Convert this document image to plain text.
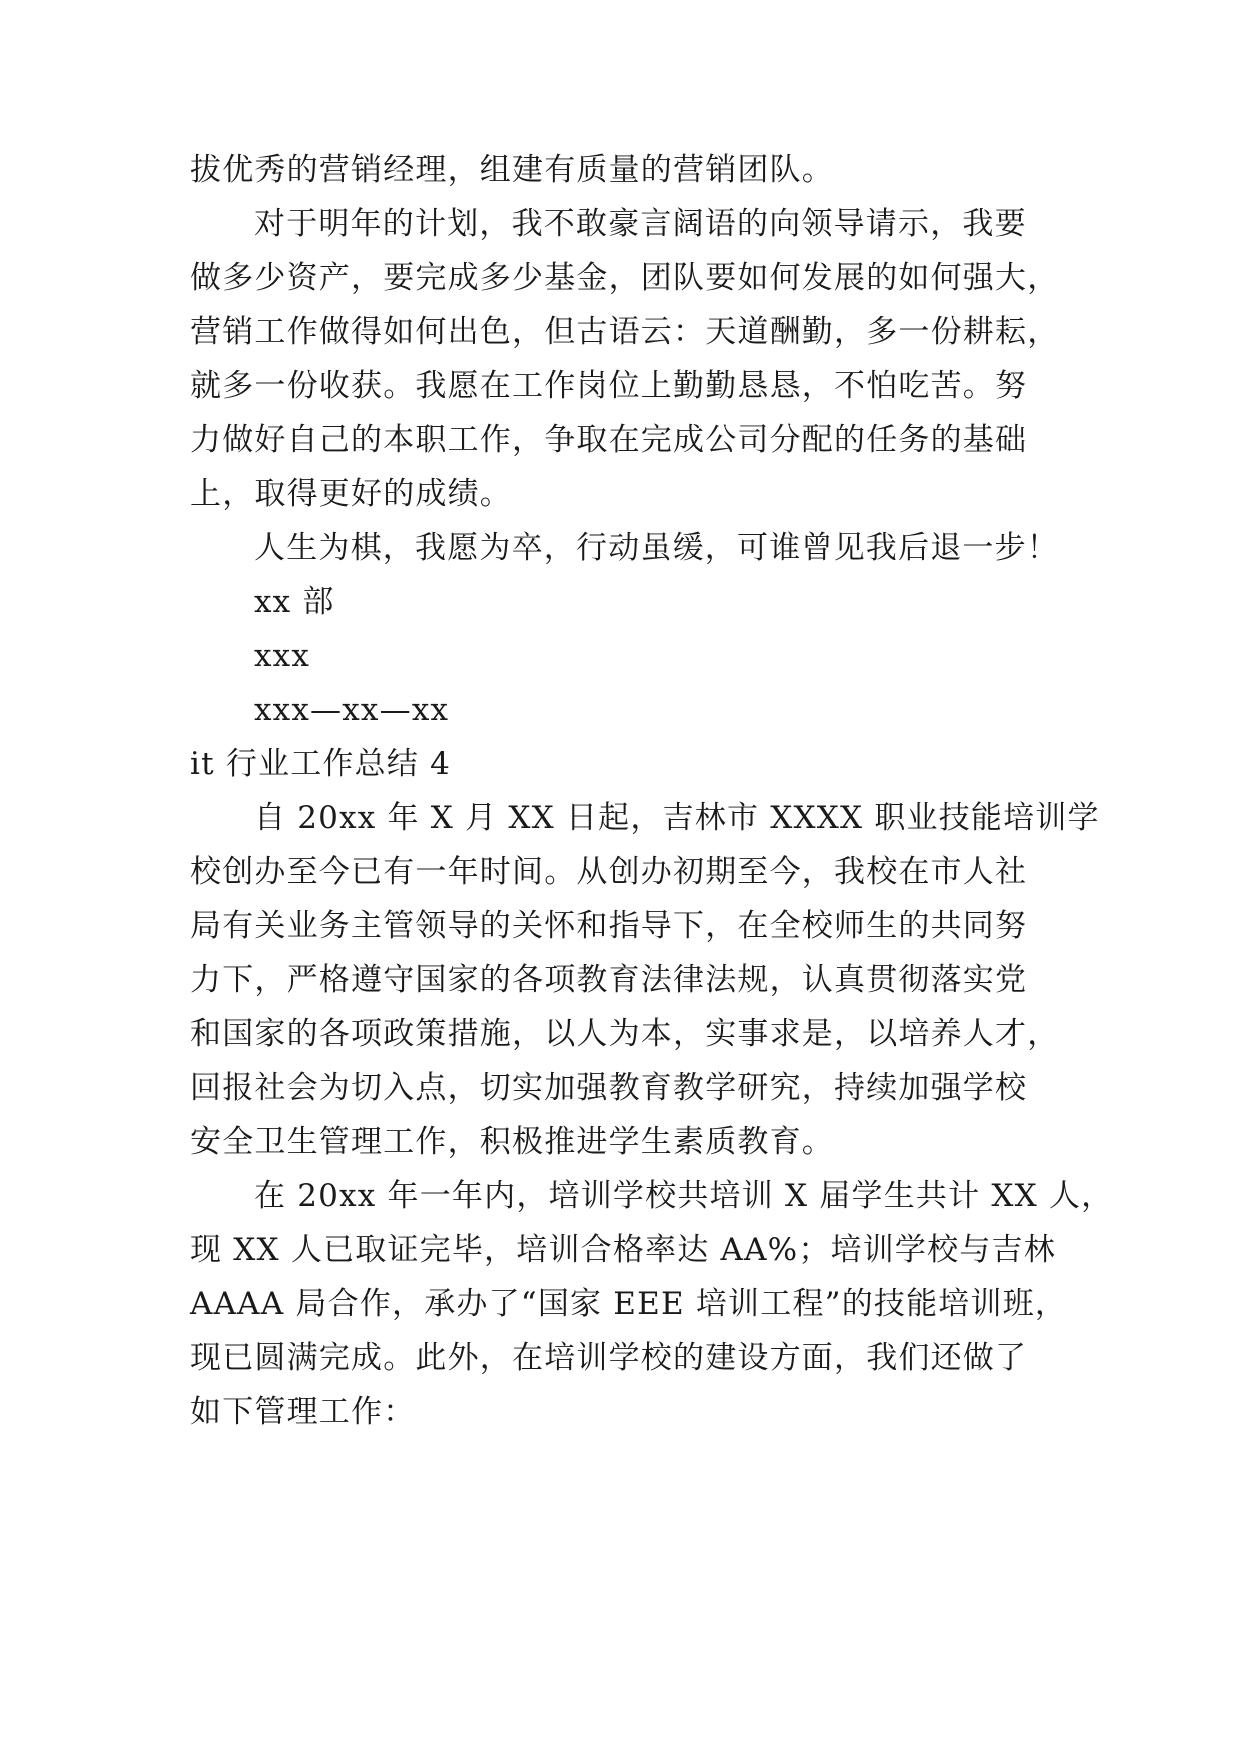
拔优秀的营销经理，组建有质量的营销团队。
对于明年的计划，我不敢豪言阔语的向领导请示，我要
做多少资产，要完成多少基金，团队要如何发展的如何强大，
营销工作做得如何出色，但古语云：天道酬勤，多一份耕耘，
就多一份收获。我愿在工作岗位上勤勤恳恳，不怕吃苦。努
力做好自己的本职工作，争取在完成公司分配的任务的基础
上，取得更好的成绩。
人生为棋，我愿为卒，行动虽缓，可谁曾见我后退一步！
xx 部
xxx
xxx—xx—xx
it 行业工作总结 4
自 20xx 年 X 月 XX 日起，吉林市 XXXX 职业技能培训学
校创办至今已有一年时间。从创办初期至今，我校在市人社
局有关业务主管领导的关怀和指导下，在全校师生的共同努
力下，严格遵守国家的各项教育法律法规，认真贯彻落实党
和国家的各项政策措施，以人为本，实事求是，以培养人才，
回报社会为切入点，切实加强教育教学研究，持续加强学校
安全卫生管理工作，积极推进学生素质教育。
在 20xx 年一年内，培训学校共培训 X 届学生共计 XX 人，
现 XX 人已取证完毕，培训合格率达 AA%；培训学校与吉林
AAAA 局合作，承办了“国家 EEE 培训工程”的技能培训班，
现已圆满完成。此外，在培训学校的建设方面，我们还做了
如下管理工作：
